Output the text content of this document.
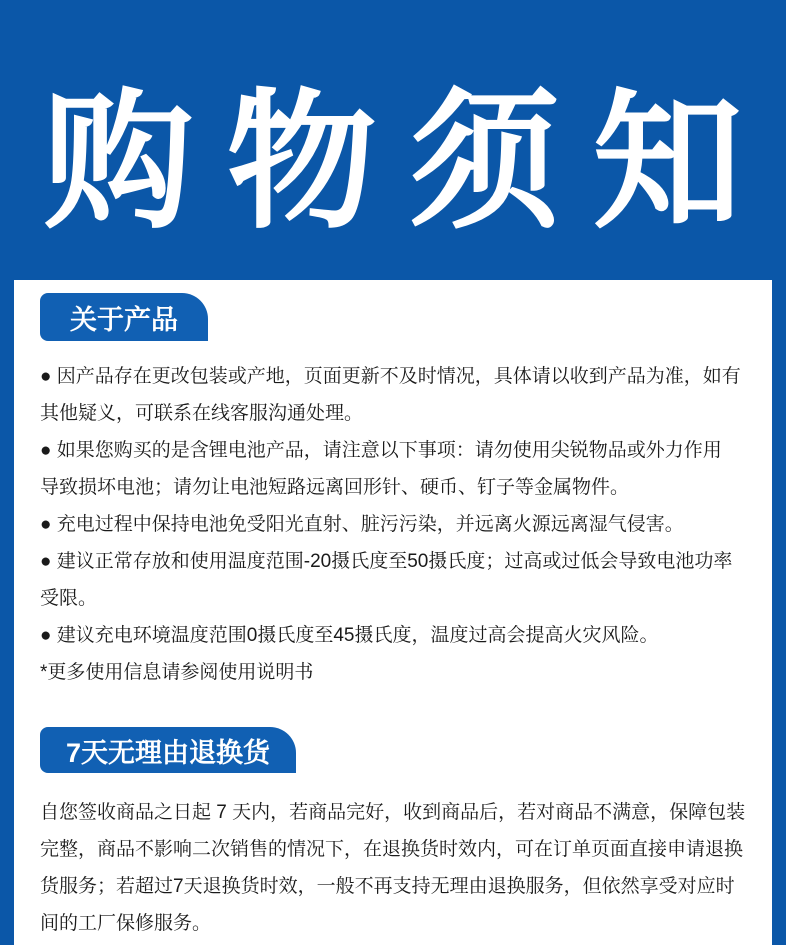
购物须知
关于产品
● 因产品存在更改包装或产地，页面更新不及时情况，具体请以收到产品为准，如有
其他疑义，可联系在线客服沟通处理。
● 如果您购买的是含锂电池产品，请注意以下事项：请勿使用尖锐物品或外力作用
导致损坏电池；请勿让电池短路远离回形针、硬币、钉子等金属物件。
● 充电过程中保持电池免受阳光直射、脏污污染，并远离火源远离湿气侵害。
● 建议正常存放和使用温度范围-20摄氏度至50摄氏度；过高或过低会导致电池功率
受限。
● 建议充电环境温度范围0摄氏度至45摄氏度，温度过高会提高火灾风险。
*更多使用信息请参阅使用说明书
7天无理由退换货
自您签收商品之日起 7 天内，若商品完好，收到商品后，若对商品不满意，保障包装
完整，商品不影响二次销售的情况下，在退换货时效内，可在订单页面直接申请退换
货服务；若超过7天退换货时效，一般不再支持无理由退换服务，但依然享受对应时
间的工厂保修服务。
